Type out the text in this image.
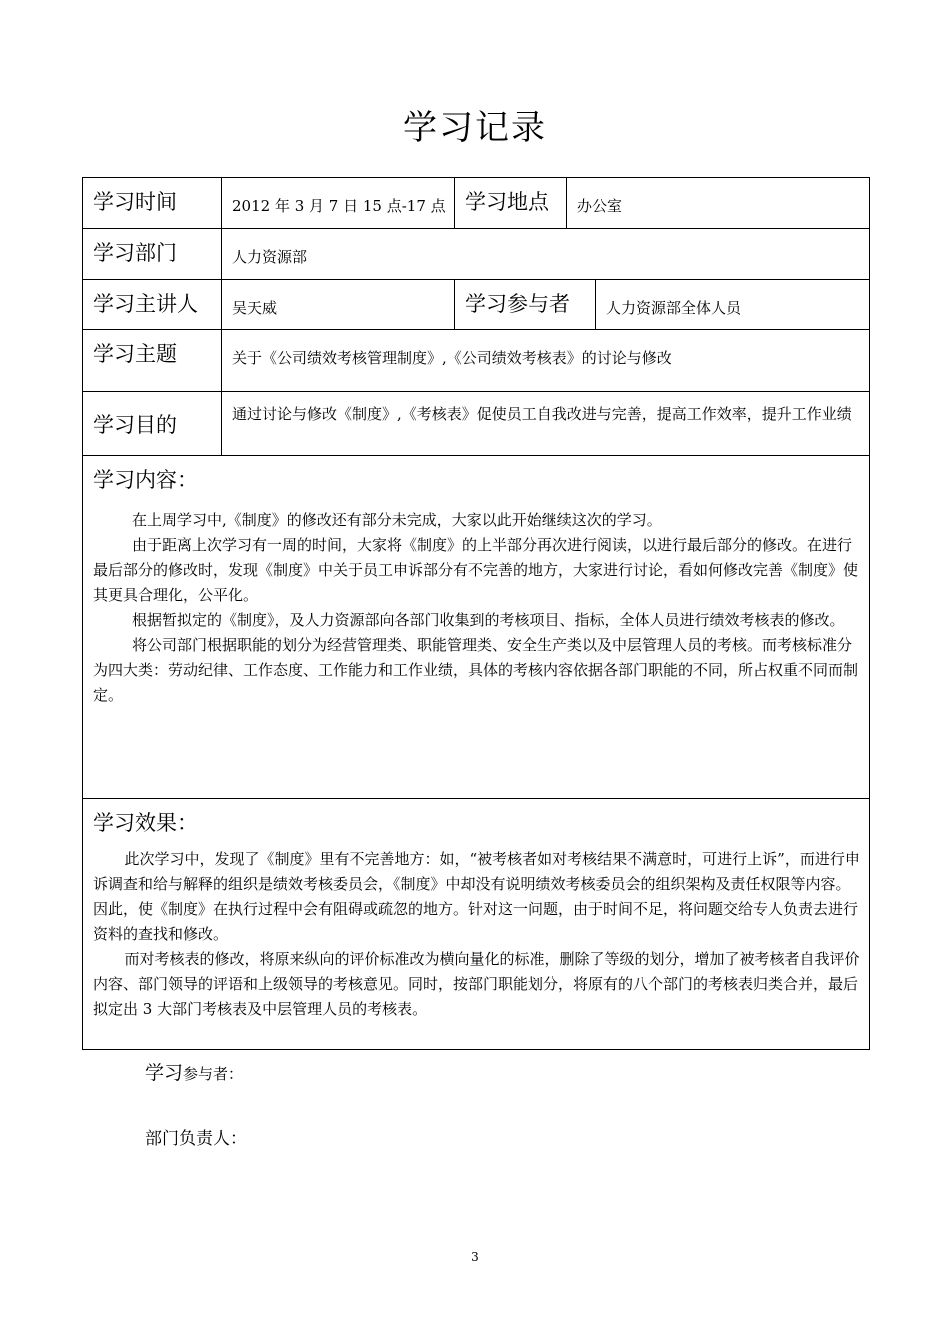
学习记录
学习时间	2012 年 3 月 7 日 15 点-17 点	学习地点	办公室	
学习部门	人力资源部			
学习主讲人	吴天威	学习参与者		人力资源部全体人员
学习主题	关于《公司绩效考核管理制度》,《公司绩效考核表》的讨论与修改			
学习目的	通过讨论与修改《制度》,《考核表》促使员工自我改进与完善，提高工作效率，提升工作业绩			

学习内容：

在上周学习中,《制度》的修改还有部分未完成，大家以此开始继续这次的学习。

由于距离上次学习有一周的时间，大家将《制度》的上半部分再次进行阅读，以进行最后部分的修改。在进行最后部分的修改时，发现《制度》中关于员工申诉部分有不完善的地方，大家进行讨论，看如何修改完善《制度》使其更具合理化，公平化。

根据暂拟定的《制度》，及人力资源部向各部门收集到的考核项目、指标，全体人员进行绩效考核表的修改。

将公司部门根据职能的划分为经营管理类、职能管理类、安全生产类以及中层管理人员的考核。而考核标准分为四大类：劳动纪律、工作态度、工作能力和工作业绩，具体的考核内容依据各部门职能的不同，所占权重不同而制定。				

学习效果：

此次学习中，发现了《制度》里有不完善地方：如，“被考核者如对考核结果不满意时，可进行上诉”，而进行申诉调查和给与解释的组织是绩效考核委员会，《制度》中却没有说明绩效考核委员会的组织架构及责任权限等内容。因此，使《制度》在执行过程中会有阻碍或疏忽的地方。针对这一问题，由于时间不足，将问题交给专人负责去进行资料的查找和修改。

而对考核表的修改，将原来纵向的评价标准改为横向量化的标准，删除了等级的划分，增加了被考核者自我评价内容、部门领导的评语和上级领导的考核意见。同时，按部门职能划分，将原有的八个部门的考核表归类合并，最后拟定出 3 大部门考核表及中层管理人员的考核表。				

学习参与者：
部门负责人：
3
